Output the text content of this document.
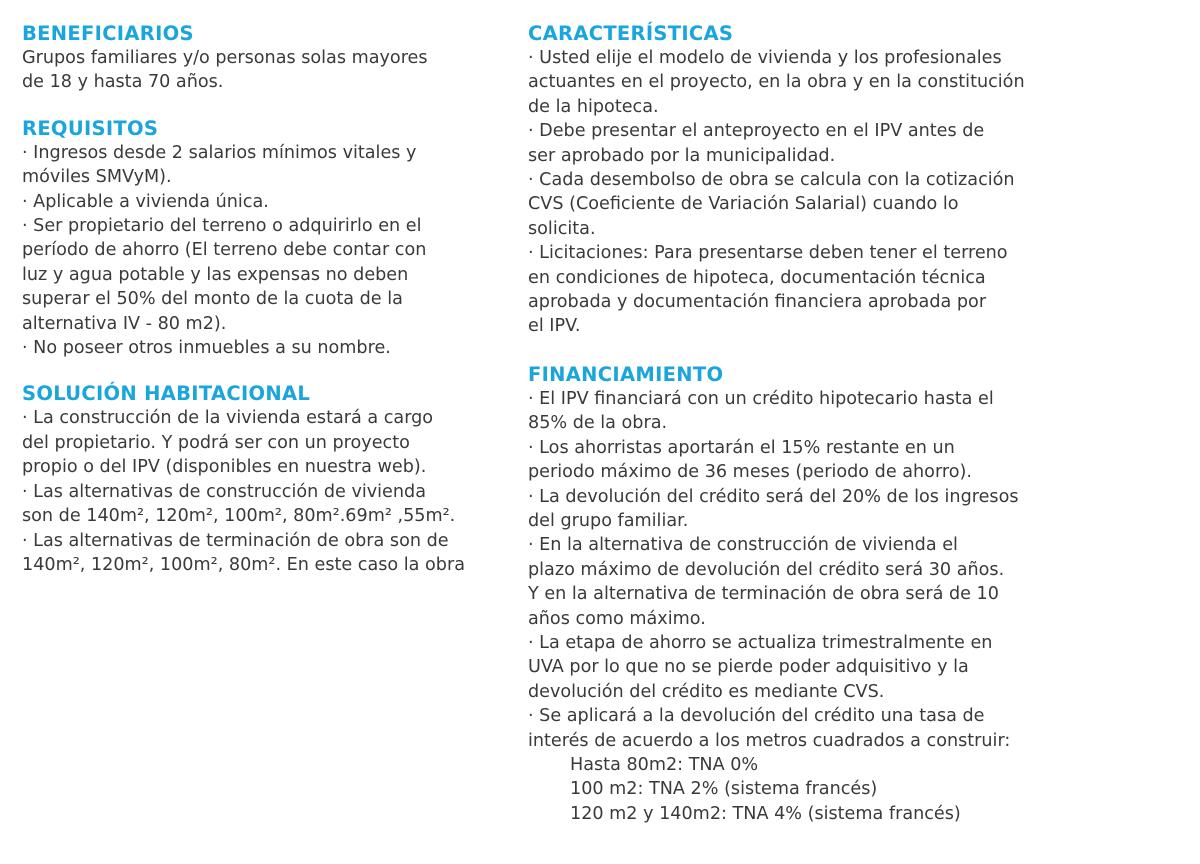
BENEFICIARIOS

Grupos familiares y/o personas solas mayores

de 18 y hasta 70 años.

REQUISITOS

· Ingresos desde 2 salarios mínimos vitales y

móviles SMVyM).

· Aplicable a vivienda única.

· Ser propietario del terreno o adquirirlo en el

período de ahorro (El terreno debe contar con

luz y agua potable y las expensas no deben

superar el 50% del monto de la cuota de la

alternativa IV - 80 m2).

· No poseer otros inmuebles a su nombre.

SOLUCIÓN HABITACIONAL

· La construcción de la vivienda estará a cargo

del propietario. Y podrá ser con un proyecto

propio o del IPV (disponibles en nuestra web).

· Las alternativas de construcción de vivienda

son de 140m², 120m², 100m², 80m².69m² ,55m².

· Las alternativas de terminación de obra son de

140m², 120m², 100m², 80m². En este caso la obra

CARACTERÍSTICAS

· Usted elije el modelo de vivienda y los profesionales

actuantes en el proyecto, en la obra y en la constitución

de la hipoteca.

· Debe presentar el anteproyecto en el IPV antes de

ser aprobado por la municipalidad.

· Cada desembolso de obra se calcula con la cotización

CVS (Coeficiente de Variación Salarial) cuando lo

solicita.

· Licitaciones: Para presentarse deben tener el terreno

en condiciones de hipoteca, documentación técnica

aprobada y documentación financiera aprobada por

el IPV.

FINANCIAMIENTO

· El IPV financiará con un crédito hipotecario hasta el

85% de la obra.

· Los ahorristas aportarán el 15% restante en un

periodo máximo de 36 meses (periodo de ahorro).

· La devolución del crédito será del 20% de los ingresos

del grupo familiar.

· En la alternativa de construcción de vivienda el

plazo máximo de devolución del crédito será 30 años.

Y en la alternativa de terminación de obra será de 10

años como máximo.

· La etapa de ahorro se actualiza trimestralmente en

UVA por lo que no se pierde poder adquisitivo y la

devolución del crédito es mediante CVS.

· Se aplicará a la devolución del crédito una tasa de

interés de acuerdo a los metros cuadrados a construir:

Hasta 80m2: TNA 0%

100 m2: TNA 2% (sistema francés)

120 m2 y 140m2: TNA 4% (sistema francés)
